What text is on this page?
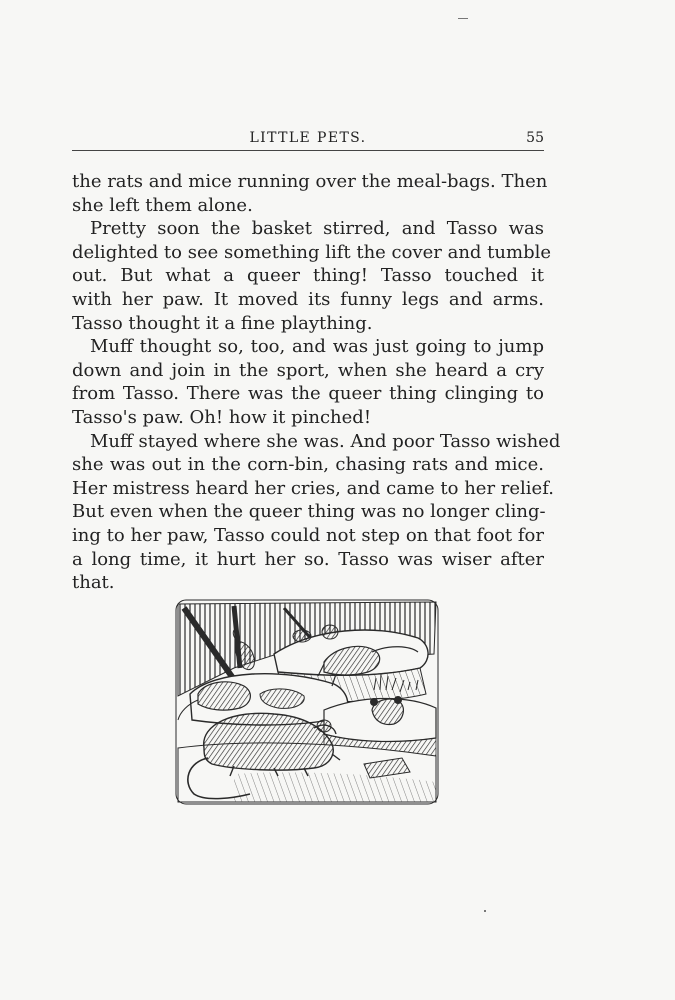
LITTLE PETS.	55
the rats and mice running over the meal-bags. Then
she left them alone.
Pretty soon the basket stirred, and Tasso was
delighted to see something lift the cover and tumble
out. But what a queer thing! Tasso touched it
with her paw. It moved its funny legs and arms.
Tasso thought it a fine plaything.
Muff thought so, too, and was just going to jump
down and join in the sport, when she heard a cry
from Tasso. There was the queer thing clinging to
Tasso's paw. Oh! how it pinched!
Muff stayed where she was. And poor Tasso wished
she was out in the corn-bin, chasing rats and mice.
Her mistress heard her cries, and came to her relief.
But even when the queer thing was no longer cling-
ing to her paw, Tasso could not step on that foot for
a long time, it hurt her so. Tasso was wiser after
that.
